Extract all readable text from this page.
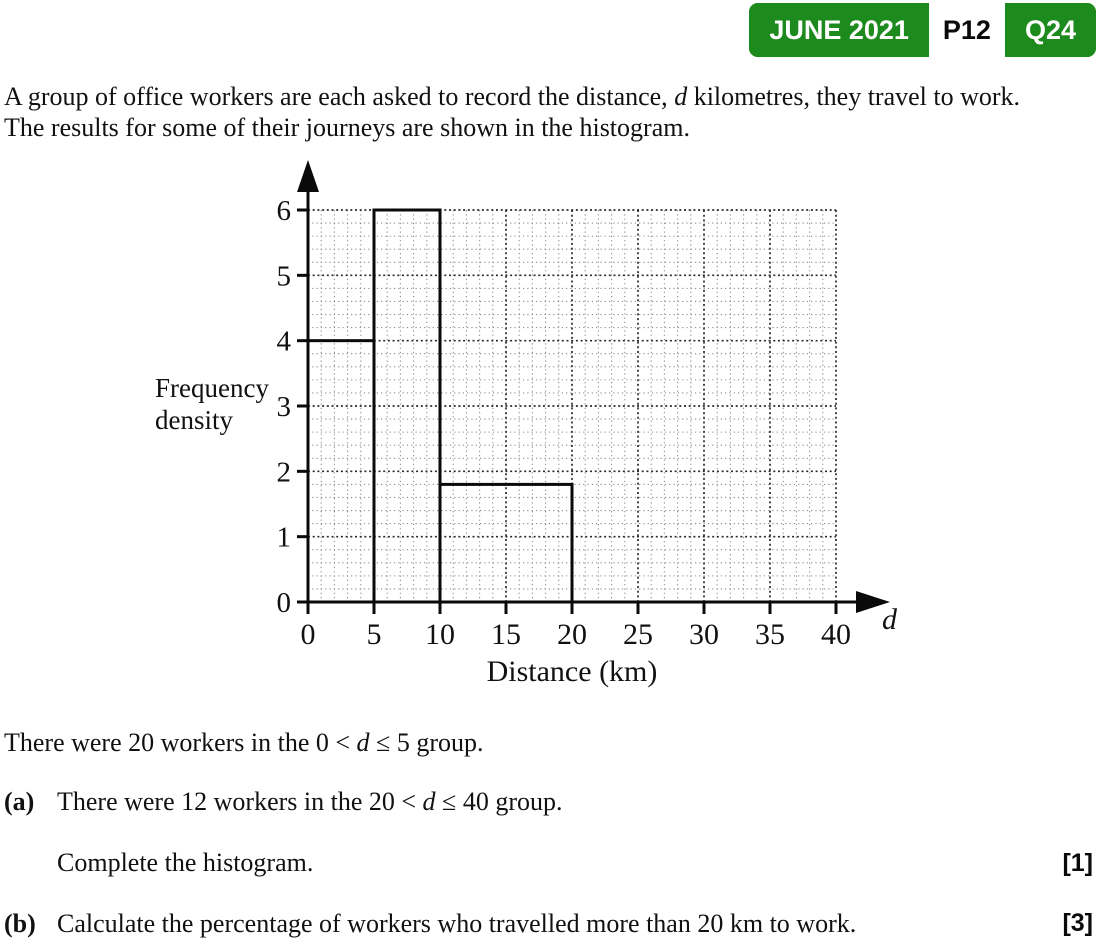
JUNE 2021 P12 Q24
A group of office workers are each asked to record the distance, d kilometres, they travel to work.
The results for some of their journeys are shown in the histogram.
0
1
2
3
4
5
6
0 5 10 15 20 25 30 35 40
Distance (km)
d
Frequency
density
There were 20 workers in the 0 < d ≤ 5 group.
(a) There were 12 workers in the 20 < d ≤ 40 group.
Complete the histogram.	[1]
(b) Calculate the percentage of workers who travelled more than 20 km to work.	[3]
